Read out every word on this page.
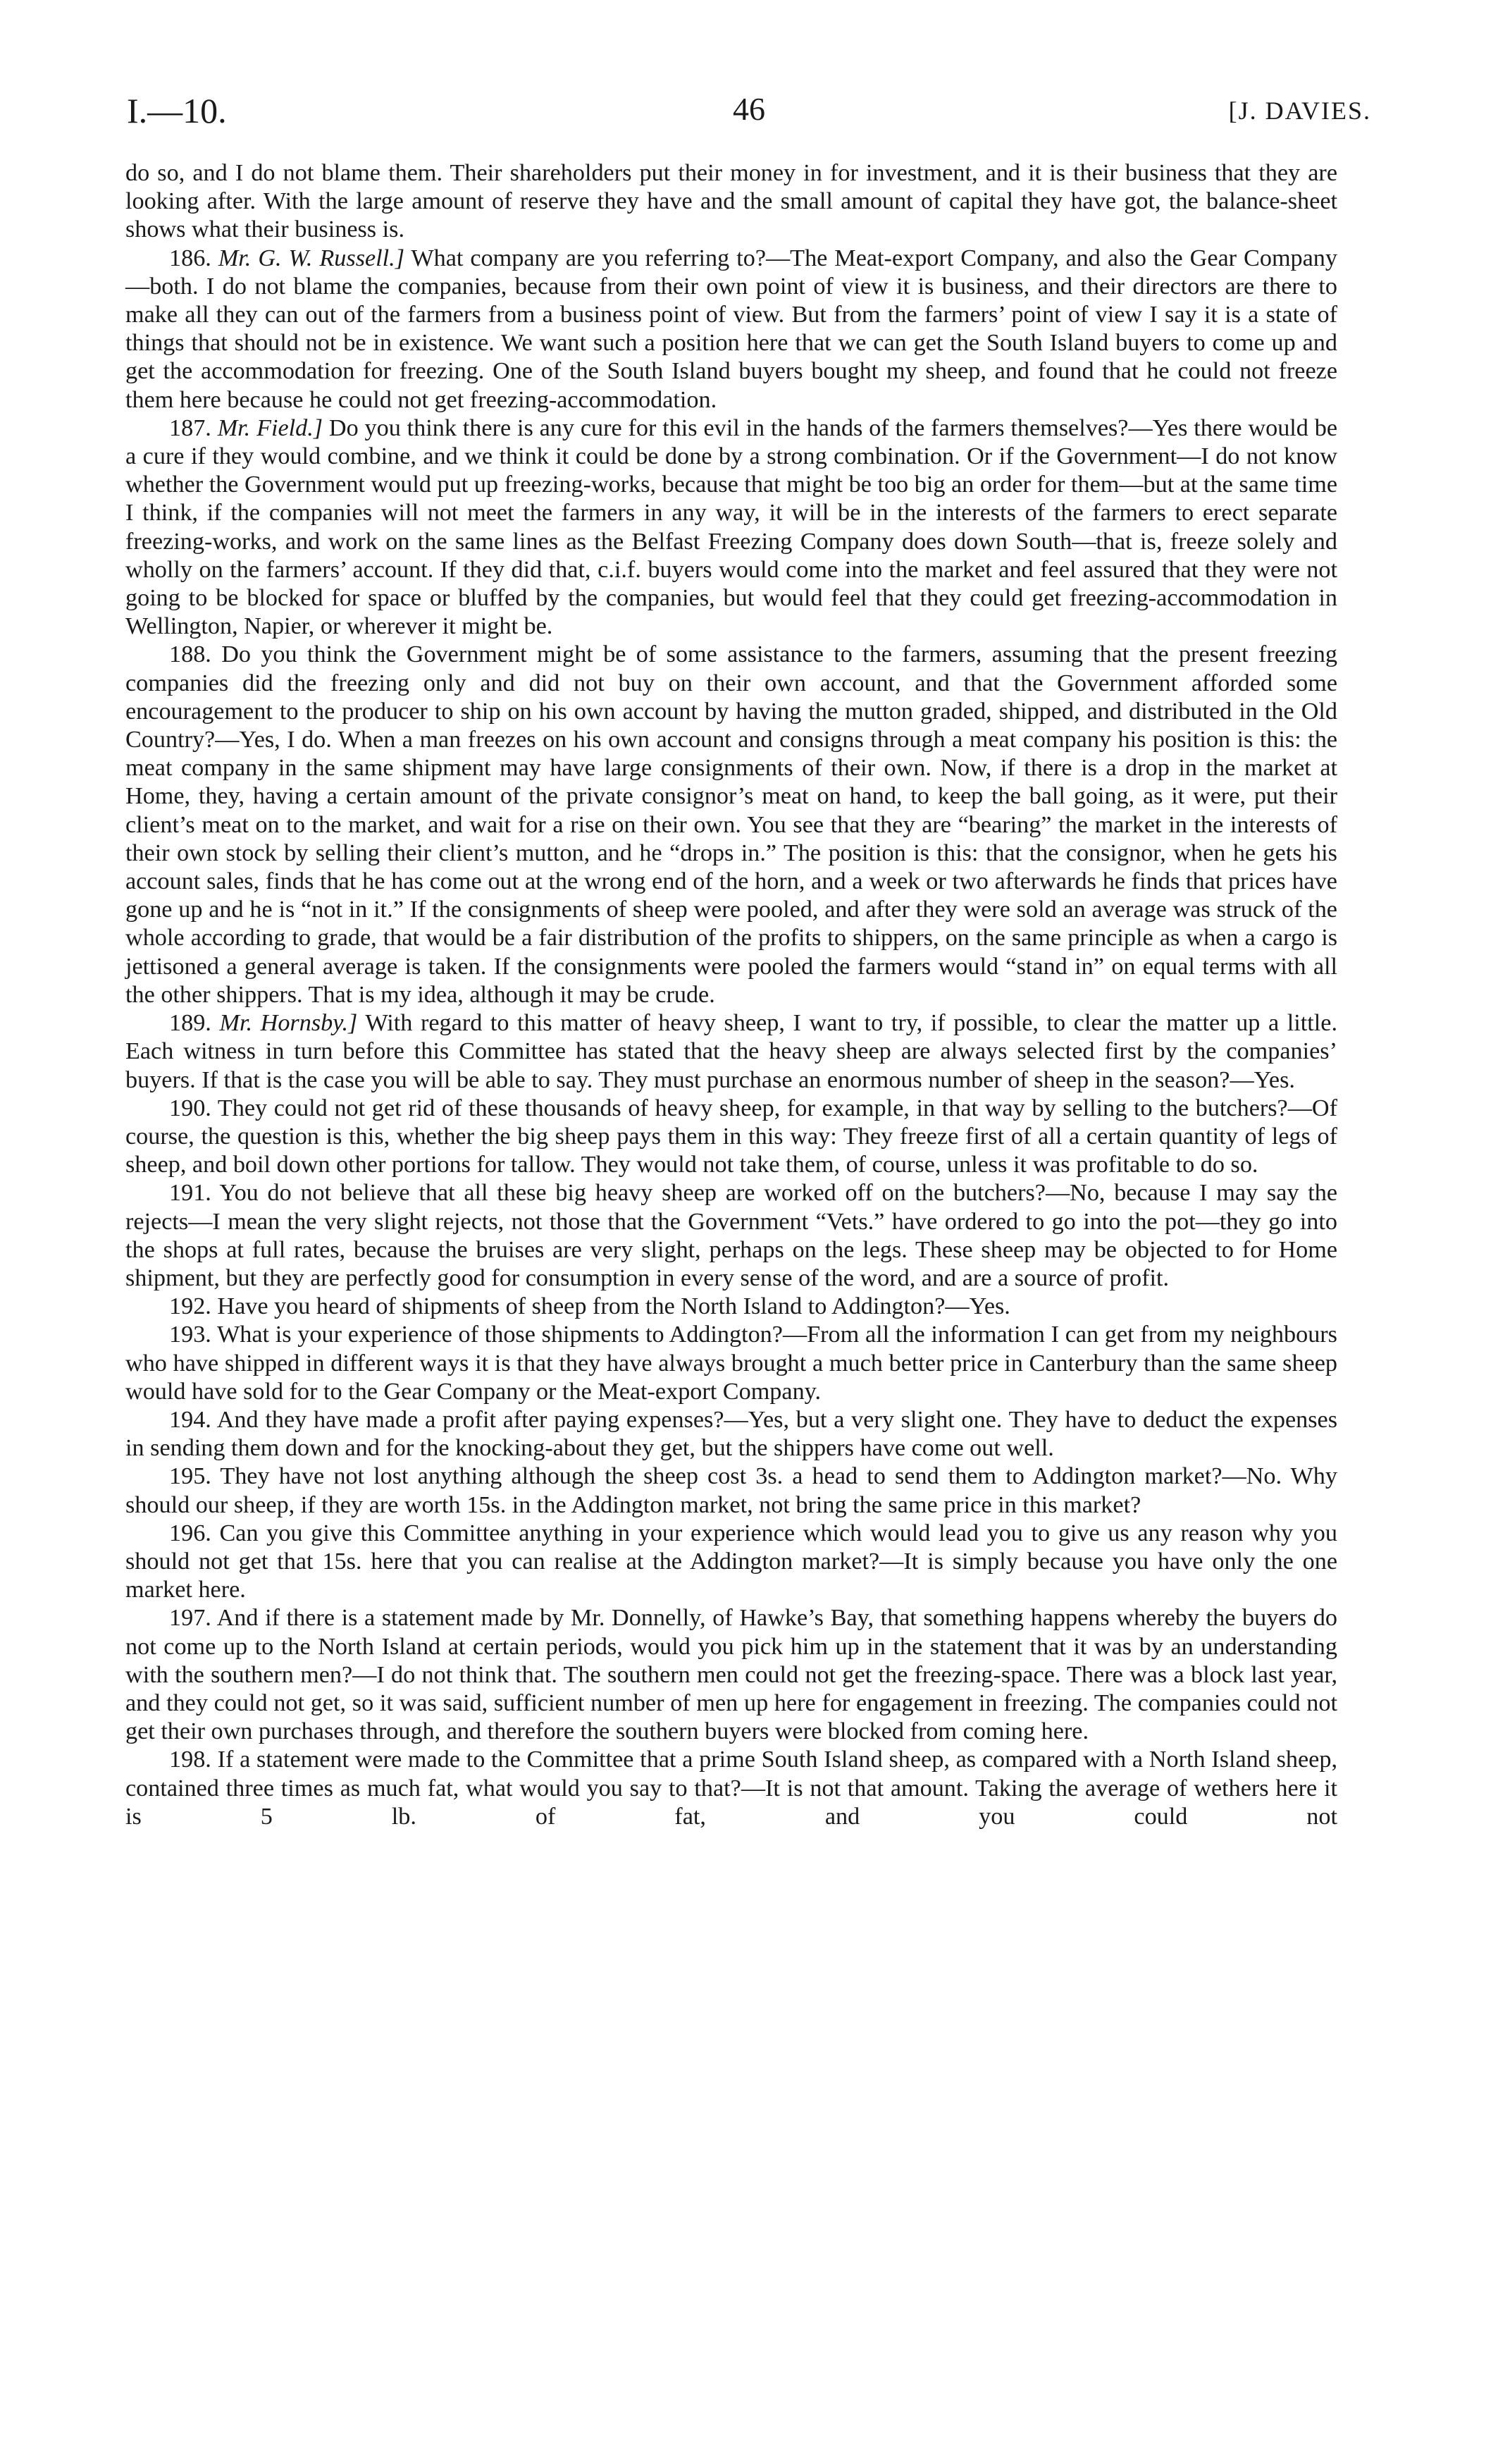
I.—10.	46	[J. DAVIES.

do so, and I do not blame them. Their shareholders put their money in for investment, and it is their business that they are looking after. With the large amount of reserve they have and the small amount of capital they have got, the balance-sheet shows what their business is.

186. Mr. G. W. Russell.] What company are you referring to?—The Meat-export Company, and also the Gear Company—both. I do not blame the companies, because from their own point of view it is business, and their directors are there to make all they can out of the farmers from a business point of view. But from the farmers’ point of view I say it is a state of things that should not be in existence. We want such a position here that we can get the South Island buyers to come up and get the accommodation for freezing. One of the South Island buyers bought my sheep, and found that he could not freeze them here because he could not get freezing-accommodation.

187. Mr. Field.] Do you think there is any cure for this evil in the hands of the farmers themselves?—Yes there would be a cure if they would combine, and we think it could be done by a strong combination. Or if the Government—I do not know whether the Government would put up freezing-works, because that might be too big an order for them—but at the same time I think, if the companies will not meet the farmers in any way, it will be in the interests of the farmers to erect separate freezing-works, and work on the same lines as the Belfast Freezing Company does down South—that is, freeze solely and wholly on the farmers’ account. If they did that, c.i.f. buyers would come into the market and feel assured that they were not going to be blocked for space or bluffed by the companies, but would feel that they could get freezing-accommodation in Wellington, Napier, or wherever it might be.

188. Do you think the Government might be of some assistance to the farmers, assuming that the present freezing companies did the freezing only and did not buy on their own account, and that the Government afforded some encouragement to the producer to ship on his own account by having the mutton graded, shipped, and distributed in the Old Country?—Yes, I do. When a man freezes on his own account and consigns through a meat company his position is this: the meat company in the same shipment may have large consignments of their own. Now, if there is a drop in the market at Home, they, having a certain amount of the private consignor’s meat on hand, to keep the ball going, as it were, put their client’s meat on to the market, and wait for a rise on their own. You see that they are “bearing” the market in the interests of their own stock by selling their client’s mutton, and he “drops in.” The position is this: that the consignor, when he gets his account sales, finds that he has come out at the wrong end of the horn, and a week or two afterwards he finds that prices have gone up and he is “not in it.” If the consignments of sheep were pooled, and after they were sold an average was struck of the whole according to grade, that would be a fair distribution of the profits to shippers, on the same principle as when a cargo is jettisoned a general average is taken. If the consignments were pooled the farmers would “stand in” on equal terms with all the other shippers. That is my idea, although it may be crude.

189. Mr. Hornsby.] With regard to this matter of heavy sheep, I want to try, if possible, to clear the matter up a little. Each witness in turn before this Committee has stated that the heavy sheep are always selected first by the companies’ buyers. If that is the case you will be able to say. They must purchase an enormous number of sheep in the season?—Yes.

190. They could not get rid of these thousands of heavy sheep, for example, in that way by selling to the butchers?—Of course, the question is this, whether the big sheep pays them in this way: They freeze first of all a certain quantity of legs of sheep, and boil down other portions for tallow. They would not take them, of course, unless it was profitable to do so.

191. You do not believe that all these big heavy sheep are worked off on the butchers?—No, because I may say the rejects—I mean the very slight rejects, not those that the Government “Vets.” have ordered to go into the pot—they go into the shops at full rates, because the bruises are very slight, perhaps on the legs. These sheep may be objected to for Home shipment, but they are perfectly good for consumption in every sense of the word, and are a source of profit.

192. Have you heard of shipments of sheep from the North Island to Addington?—Yes.

193. What is your experience of those shipments to Addington?—From all the information I can get from my neighbours who have shipped in different ways it is that they have always brought a much better price in Canterbury than the same sheep would have sold for to the Gear Company or the Meat-export Company.

194. And they have made a profit after paying expenses?—Yes, but a very slight one. They have to deduct the expenses in sending them down and for the knocking-about they get, but the shippers have come out well.

195. They have not lost anything although the sheep cost 3s. a head to send them to Addington market?—No. Why should our sheep, if they are worth 15s. in the Addington market, not bring the same price in this market?

196. Can you give this Committee anything in your experience which would lead you to give us any reason why you should not get that 15s. here that you can realise at the Addington market?—It is simply because you have only the one market here.

197. And if there is a statement made by Mr. Donnelly, of Hawke’s Bay, that something happens whereby the buyers do not come up to the North Island at certain periods, would you pick him up in the statement that it was by an understanding with the southern men?—I do not think that. The southern men could not get the freezing-space. There was a block last year, and they could not get, so it was said, sufficient number of men up here for engagement in freezing. The companies could not get their own purchases through, and therefore the southern buyers were blocked from coming here.

198. If a statement were made to the Committee that a prime South Island sheep, as compared with a North Island sheep, contained three times as much fat, what would you say to that?—It is not that amount. Taking the average of wethers here it is 5 lb. of fat, and you could not
